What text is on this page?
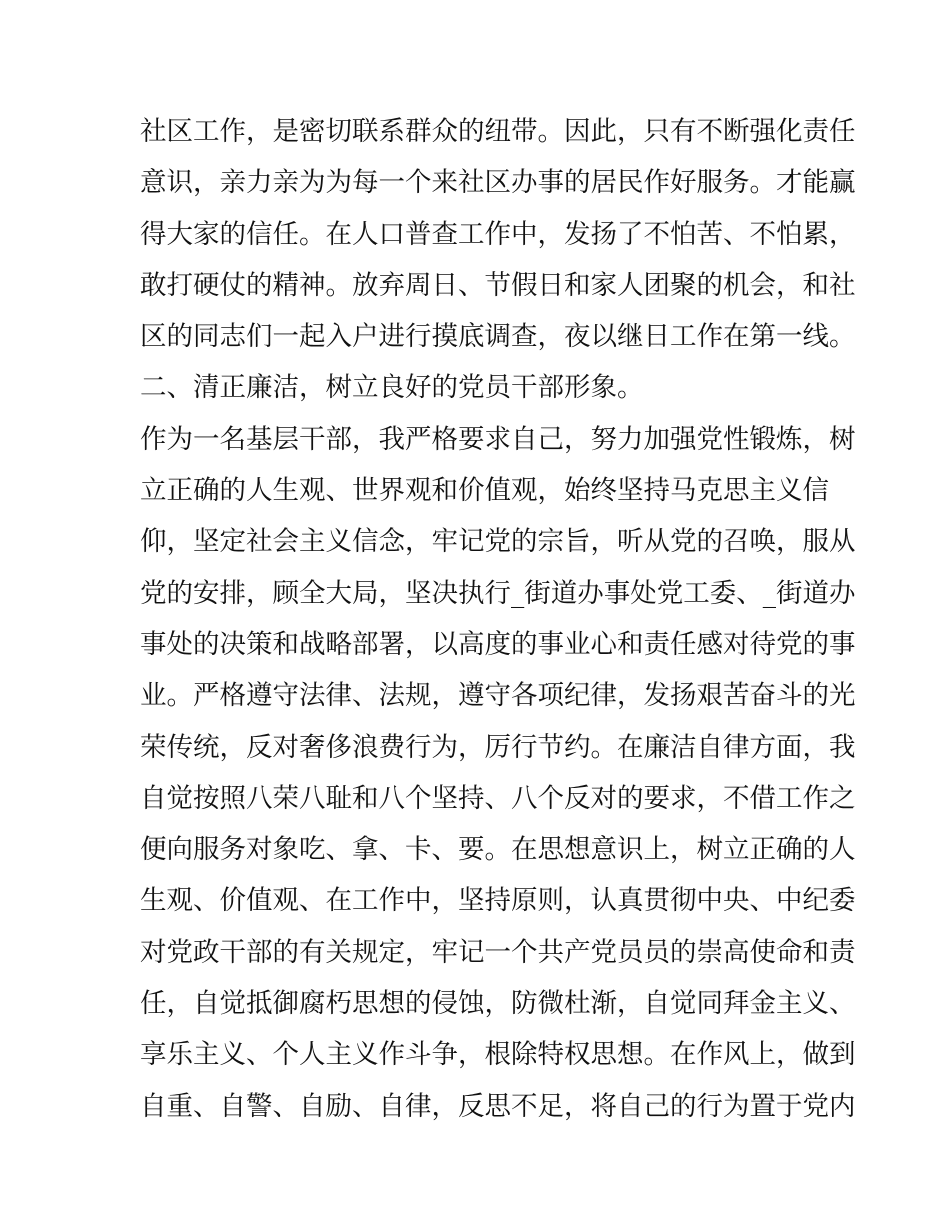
社区工作，是密切联系群众的纽带。因此，只有不断强化责任
意识，亲力亲为为每一个来社区办事的居民作好服务。才能赢
得大家的信任。在人口普查工作中，发扬了不怕苦、不怕累，
敢打硬仗的精神。放弃周日、节假日和家人团聚的机会，和社
区的同志们一起入户进行摸底调查，夜以继日工作在第一线。
二、清正廉洁，树立良好的党员干部形象。
作为一名基层干部，我严格要求自己，努力加强党性锻炼，树
立正确的人生观、世界观和价值观，始终坚持马克思主义信
仰，坚定社会主义信念，牢记党的宗旨，听从党的召唤，服从
党的安排，顾全大局，坚决执行_街道办事处党工委、_街道办
事处的决策和战略部署，以高度的事业心和责任感对待党的事
业。严格遵守法律、法规，遵守各项纪律，发扬艰苦奋斗的光
荣传统，反对奢侈浪费行为，厉行节约。在廉洁自律方面，我
自觉按照八荣八耻和八个坚持、八个反对的要求，不借工作之
便向服务对象吃、拿、卡、要。在思想意识上，树立正确的人
生观、价值观、在工作中，坚持原则，认真贯彻中央、中纪委
对党政干部的有关规定，牢记一个共产党员员的崇高使命和责
任，自觉抵御腐朽思想的侵蚀，防微杜渐，自觉同拜金主义、
享乐主义、个人主义作斗争，根除特权思想。在作风上，做到
自重、自警、自励、自律，反思不足，将自己的行为置于党内
